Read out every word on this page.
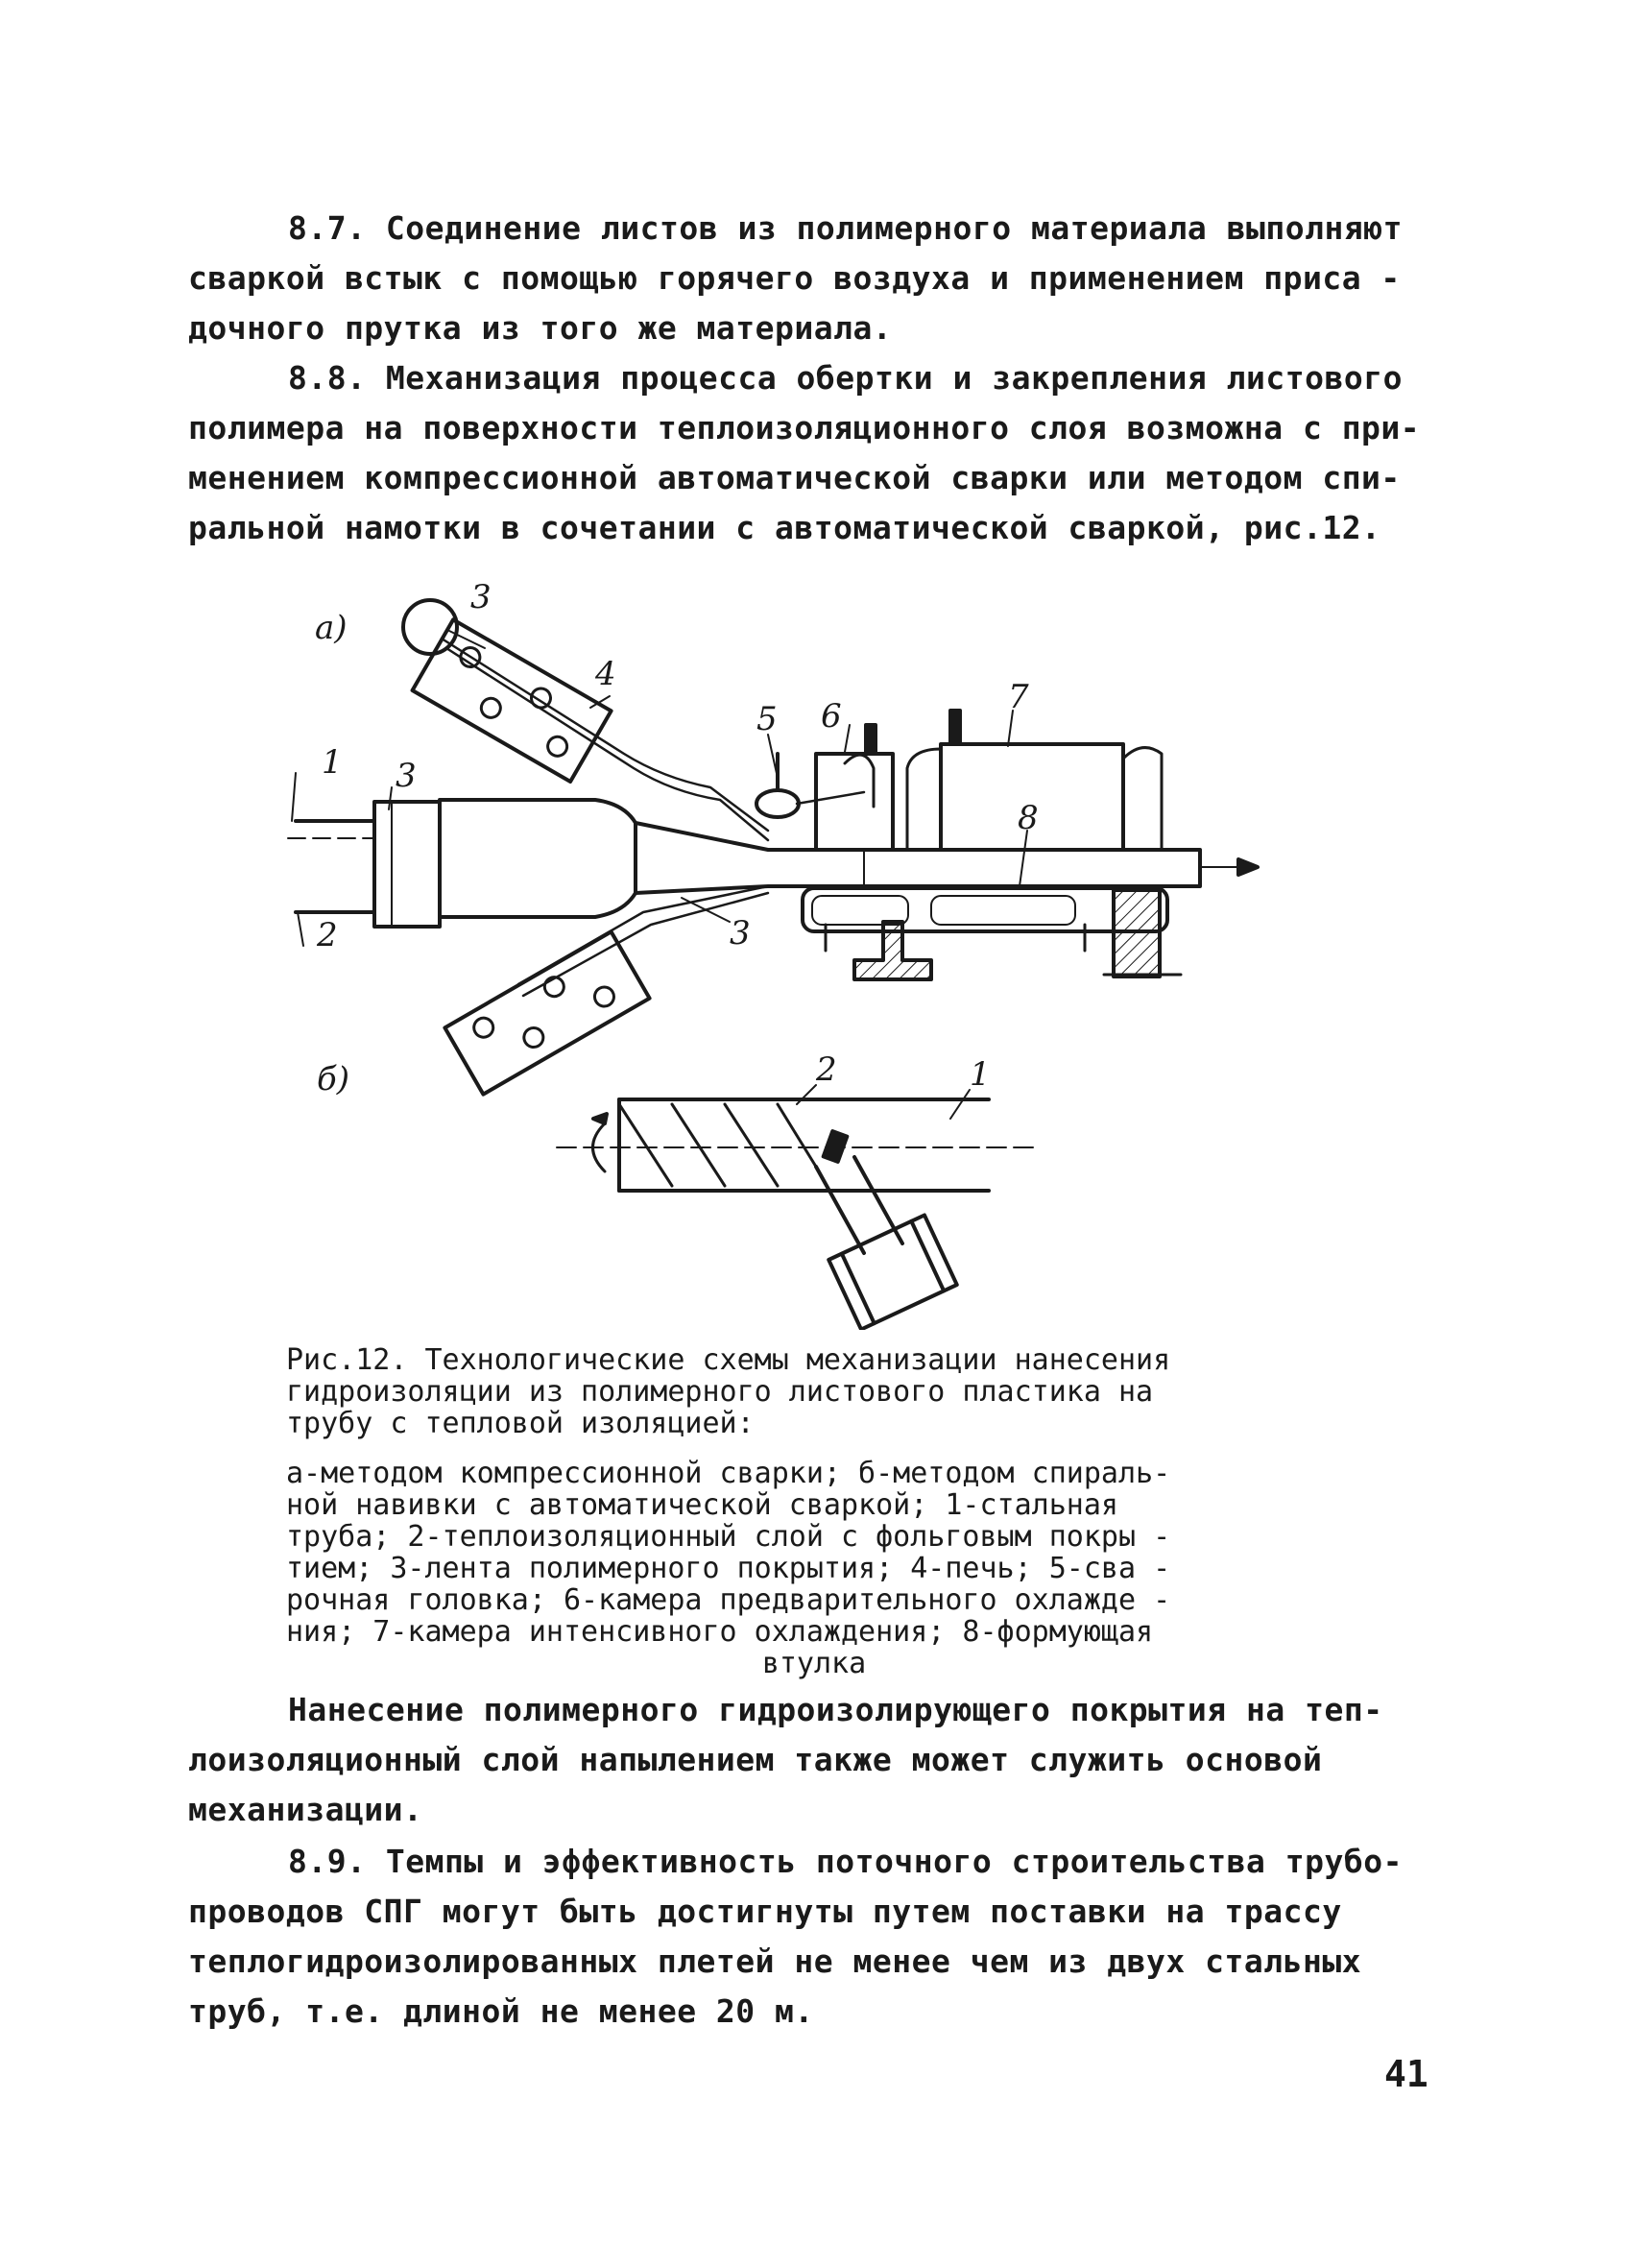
8.7. Соединение листов из полимерного материала выполняют
сваркой встык с помощью горячего воздуха и применением приса -
дочного прутка из того же материала.
8.8. Механизация процесса обертки и закрепления листового
полимера на поверхности теплоизоляционного слоя возможна с при-
менением компрессионной автоматической сварки или методом спи-
ральной намотки в сочетании с автоматической сваркой, рис.12.
а)
б)
1
2
3
3
3
4
5 6	7
8
1
2
Рис.12. Технологические схемы механизации нанесения
гидроизоляции из полимерного листового пластика на
трубу с тепловой изоляцией:
а-методом компрессионной сварки; б-методом спираль-
ной навивки с автоматической сваркой; 1-стальная
труба; 2-теплоизоляционный слой с фольговым покры -
тием; 3-лента полимерного покрытия; 4-печь; 5-сва -
рочная головка; 6-камера предварительного охлажде -
ния; 7-камера интенсивного охлаждения; 8-формующая
втулка
Нанесение полимерного гидроизолирующего покрытия на теп-
лоизоляционный слой напылением также может служить основой
механизации.
8.9. Темпы и эффективность поточного строительства трубо-
проводов СПГ могут быть достигнуты путем поставки на трассу
теплогидроизолированных плетей не менее чем из двух стальных
труб, т.е. длиной не менее 20 м.

41
